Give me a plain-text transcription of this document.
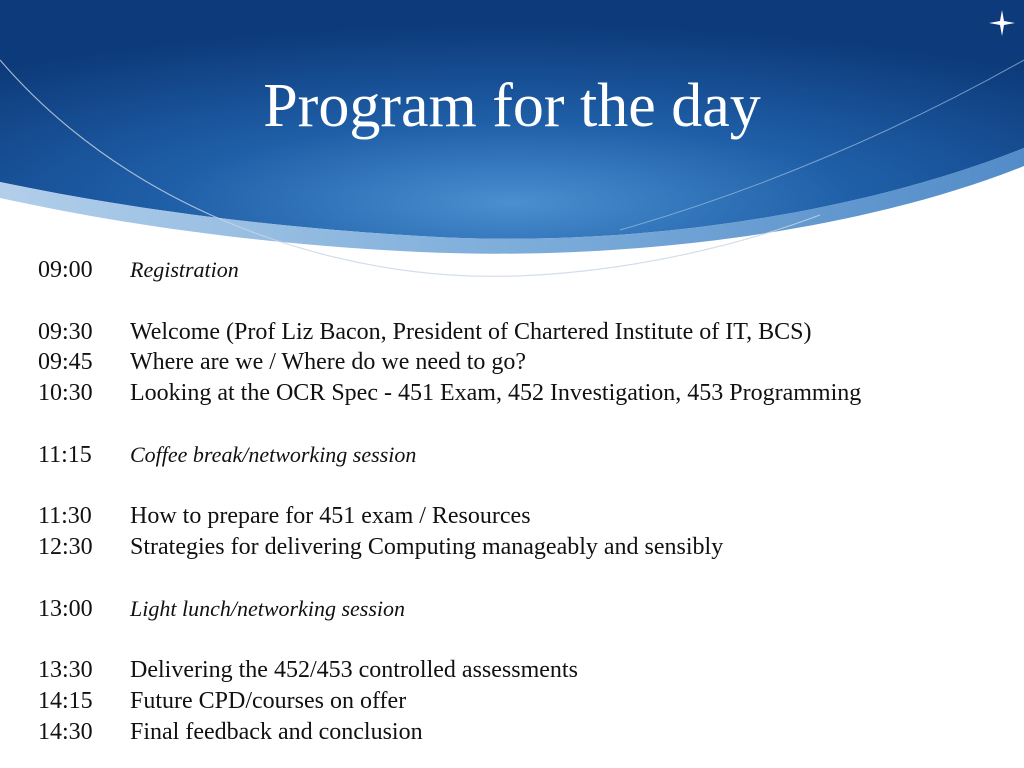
Program for the day
09:00	Registration
09:30	Welcome (Prof Liz Bacon, President of Chartered Institute of IT, BCS)
09:45	Where are we / Where do we need to go?
10:30	Looking at the OCR Spec - 451 Exam, 452 Investigation, 453 Programming
11:15	Coffee break/networking session
11:30	How to prepare for 451 exam / Resources
12:30	Strategies for delivering Computing manageably and sensibly
13:00	Light lunch/networking session
13:30	Delivering the 452/453 controlled assessments
14:15	Future CPD/courses on offer
14:30	Final feedback and conclusion
